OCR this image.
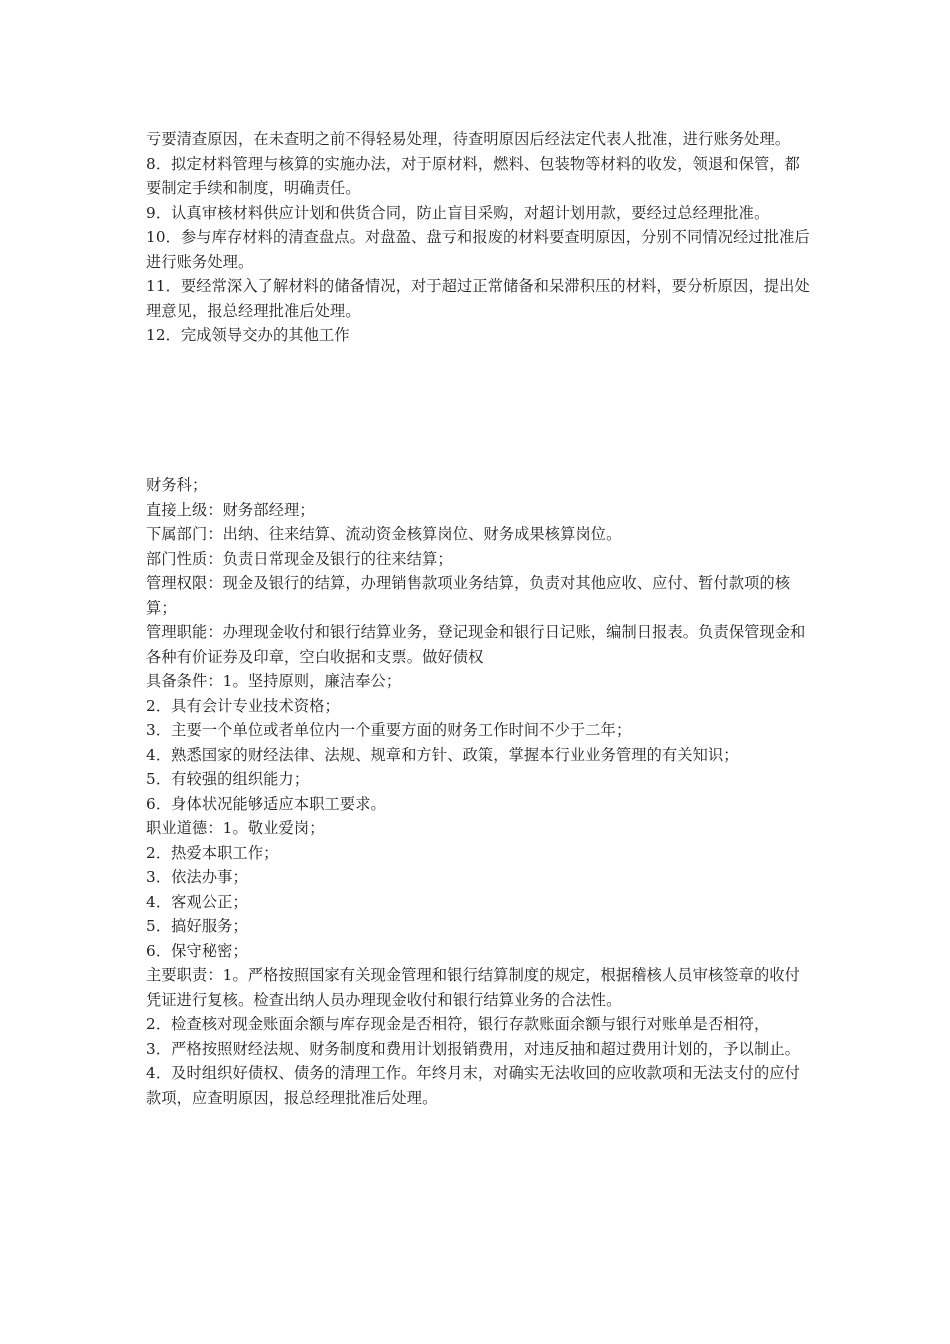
亏要清查原因，在未查明之前不得轻易处理，待查明原因后经法定代表人批准，进行账务处理。

8．拟定材料管理与核算的实施办法，对于原材料，燃料、包装物等材料的收发，领退和保管，都要制定手续和制度，明确责任。

9．认真审核材料供应计划和供货合同，防止盲目采购，对超计划用款，要经过总经理批准。

10．参与库存材料的清查盘点。对盘盈、盘亏和报废的材料要查明原因，分别不同情况经过批准后进行账务处理。

11．要经常深入了解材料的储备情况，对于超过正常储备和呆滞积压的材料，要分析原因，提出处理意见，报总经理批准后处理。

12．完成领导交办的其他工作

财务科；

直接上级：财务部经理；

下属部门：出纳、往来结算、流动资金核算岗位、财务成果核算岗位。

部门性质：负责日常现金及银行的往来结算；

管理权限：现金及银行的结算，办理销售款项业务结算，负责对其他应收、应付、暂付款项的核算；

管理职能：办理现金收付和银行结算业务，登记现金和银行日记账，编制日报表。负责保管现金和各种有价证券及印章，空白收据和支票。做好债权

具备条件：1。坚持原则，廉洁奉公；

2．具有会计专业技术资格；

3．主要一个单位或者单位内一个重要方面的财务工作时间不少于二年；

4．熟悉国家的财经法律、法规、规章和方针、政策，掌握本行业业务管理的有关知识；

5．有较强的组织能力；

6．身体状况能够适应本职工要求。

职业道德：1。敬业爱岗；

2．热爱本职工作；

3．依法办事；

4．客观公正；

5．搞好服务；

6．保守秘密；

主要职责：1。严格按照国家有关现金管理和银行结算制度的规定，根据稽核人员审核签章的收付凭证进行复核。检查出纳人员办理现金收付和银行结算业务的合法性。

2．检查核对现金账面余额与库存现金是否相符，银行存款账面余额与银行对账单是否相符，

3．严格按照财经法规、财务制度和费用计划报销费用，对违反抽和超过费用计划的，予以制止。

4．及时组织好债权、债务的清理工作。年终月末，对确实无法收回的应收款项和无法支付的应付款项，应查明原因，报总经理批准后处理。
